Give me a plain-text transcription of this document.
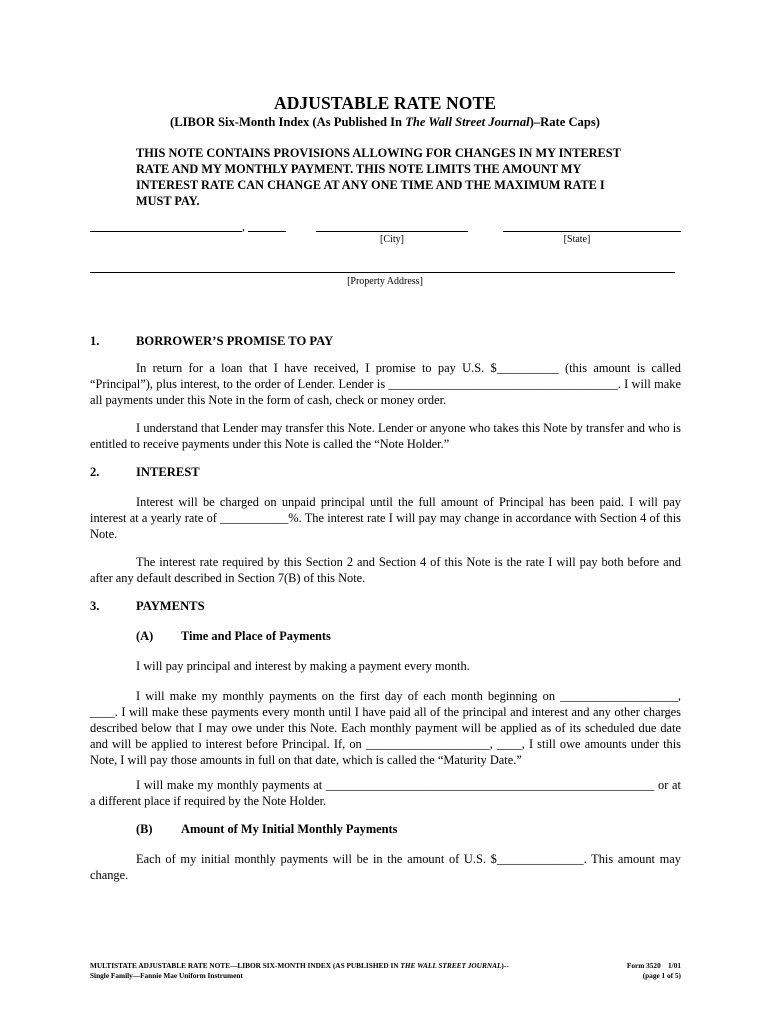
ADJUSTABLE RATE NOTE
(LIBOR Six-Month Index (As Published In The Wall Street Journal)–Rate Caps)
THIS NOTE CONTAINS PROVISIONS ALLOWING FOR CHANGES IN MY INTEREST RATE AND MY MONTHLY PAYMENT. THIS NOTE LIMITS THE AMOUNT MY INTEREST RATE CAN CHANGE AT ANY ONE TIME AND THE MAXIMUM RATE I MUST PAY.
,
[City]	[State]
[Property Address]
1.	BORROWER’S PROMISE TO PAY
In return for a loan that I have received, I promise to pay U.S. $__________ (this amount is called “Principal”), plus interest, to the order of Lender. Lender is _____________________________________. I will make all payments under this Note in the form of cash, check or money order.
I understand that Lender may transfer this Note. Lender or anyone who takes this Note by transfer and who is entitled to receive payments under this Note is called the “Note Holder.”
2.	INTEREST
Interest will be charged on unpaid principal until the full amount of Principal has been paid. I will pay interest at a yearly rate of ___________%. The interest rate I will pay may change in accordance with Section 4 of this Note.
The interest rate required by this Section 2 and Section 4 of this Note is the rate I will pay both before and after any default described in Section 7(B) of this Note.
3.	PAYMENTS
(A) Time and Place of Payments
I will pay principal and interest by making a payment every month.
I will make my monthly payments on the first day of each month beginning on ___________________, ____. I will make these payments every month until I have paid all of the principal and interest and any other charges described below that I may owe under this Note. Each monthly payment will be applied as of its scheduled due date and will be applied to interest before Principal. If, on ____________________, ____, I still owe amounts under this Note, I will pay those amounts in full on that date, which is called the “Maturity Date.”
I will make my monthly payments at _____________________________________________________ or at a different place if required by the Note Holder.
(B) Amount of My Initial Monthly Payments
Each of my initial monthly payments will be in the amount of U.S. $______________. This amount may change.
MULTISTATE ADJUSTABLE RATE NOTE—LIBOR SIX-MONTH INDEX (AS PUBLISHED IN THE WALL STREET JOURNAL)--
Single Family—Fannie Mae Uniform Instrument
Form 3520    1/01
(page 1 of 5)
